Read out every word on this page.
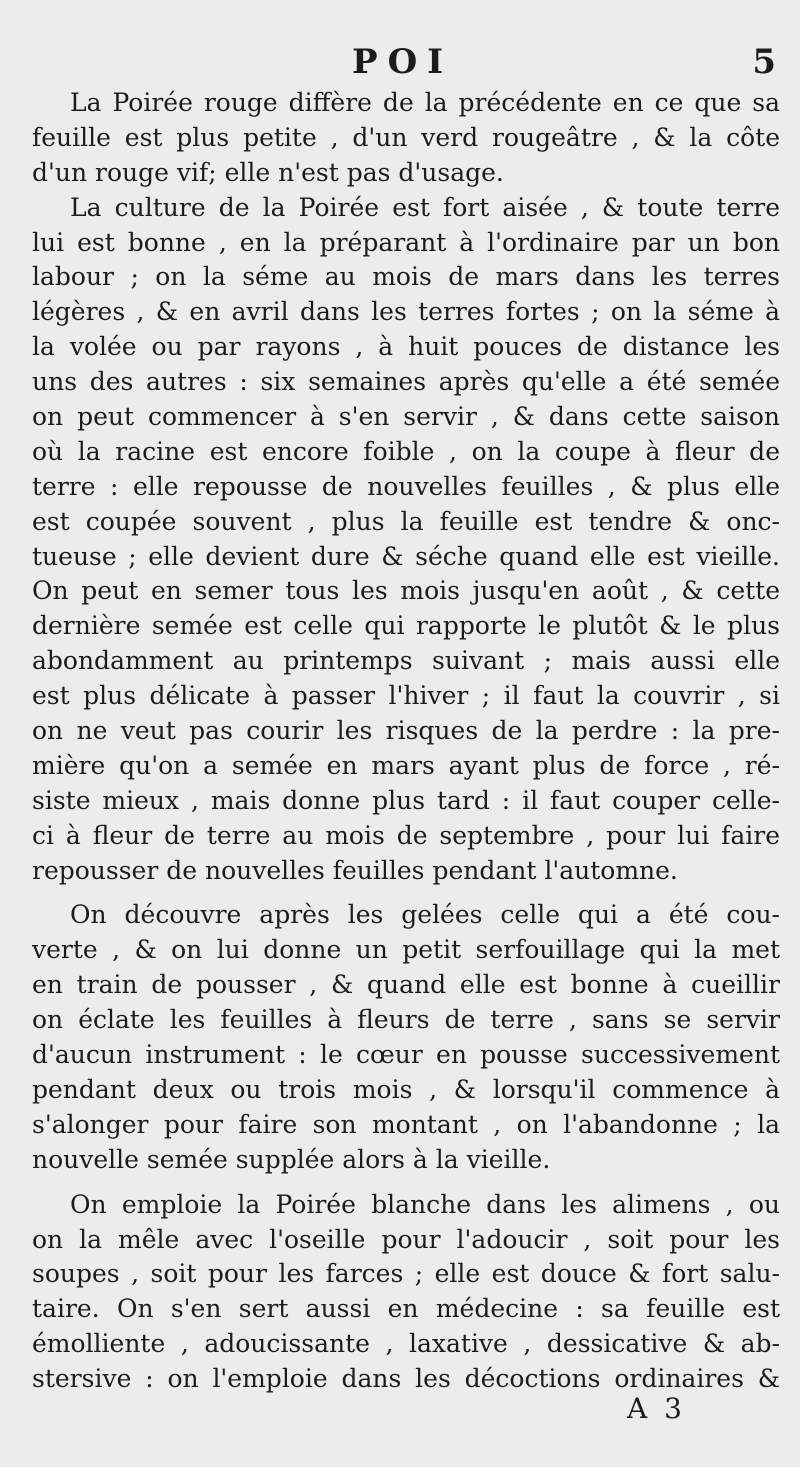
POI	5
La Poirée rouge diffère de la précédente en ce que sa
feuille est plus petite , d'un verd rougeâtre , & la côte
d'un rouge vif; elle n'est pas d'usage.
La culture de la Poirée est fort aisée , & toute terre
lui est bonne , en la préparant à l'ordinaire par un bon
labour ; on la séme au mois de mars dans les terres
légères , & en avril dans les terres fortes ; on la séme à
la volée ou par rayons , à huit pouces de distance les
uns des autres : six semaines après qu'elle a été semée
on peut commencer à s'en servir , & dans cette saison
où la racine est encore foible , on la coupe à fleur de
terre : elle repousse de nouvelles feuilles , & plus elle
est coupée souvent , plus la feuille est tendre & onc-
tueuse ; elle devient dure & séche quand elle est vieille.
On peut en semer tous les mois jusqu'en août , & cette
dernière semée est celle qui rapporte le plutôt & le plus
abondamment au printemps suivant ; mais aussi elle
est plus délicate à passer l'hiver ; il faut la couvrir , si
on ne veut pas courir les risques de la perdre : la pre-
mière qu'on a semée en mars ayant plus de force , ré-
siste mieux , mais donne plus tard : il faut couper celle-
ci à fleur de terre au mois de septembre , pour lui faire
repousser de nouvelles feuilles pendant l'automne.
On découvre après les gelées celle qui a été cou-
verte , & on lui donne un petit serfouillage qui la met
en train de pousser , & quand elle est bonne à cueillir
on éclate les feuilles à fleurs de terre , sans se servir
d'aucun instrument : le cœur en pousse successivement
pendant deux ou trois mois , & lorsqu'il commence à
s'alonger pour faire son montant , on l'abandonne ; la
nouvelle semée supplée alors à la vieille.
On emploie la Poirée blanche dans les alimens , ou
on la mêle avec l'oseille pour l'adoucir , soit pour les
soupes , soit pour les farces ; elle est douce & fort salu-
taire. On s'en sert aussi en médecine : sa feuille est
émolliente , adoucissante , laxative , dessicative & ab-
stersive : on l'emploie dans les décoctions ordinaires &
A 3
